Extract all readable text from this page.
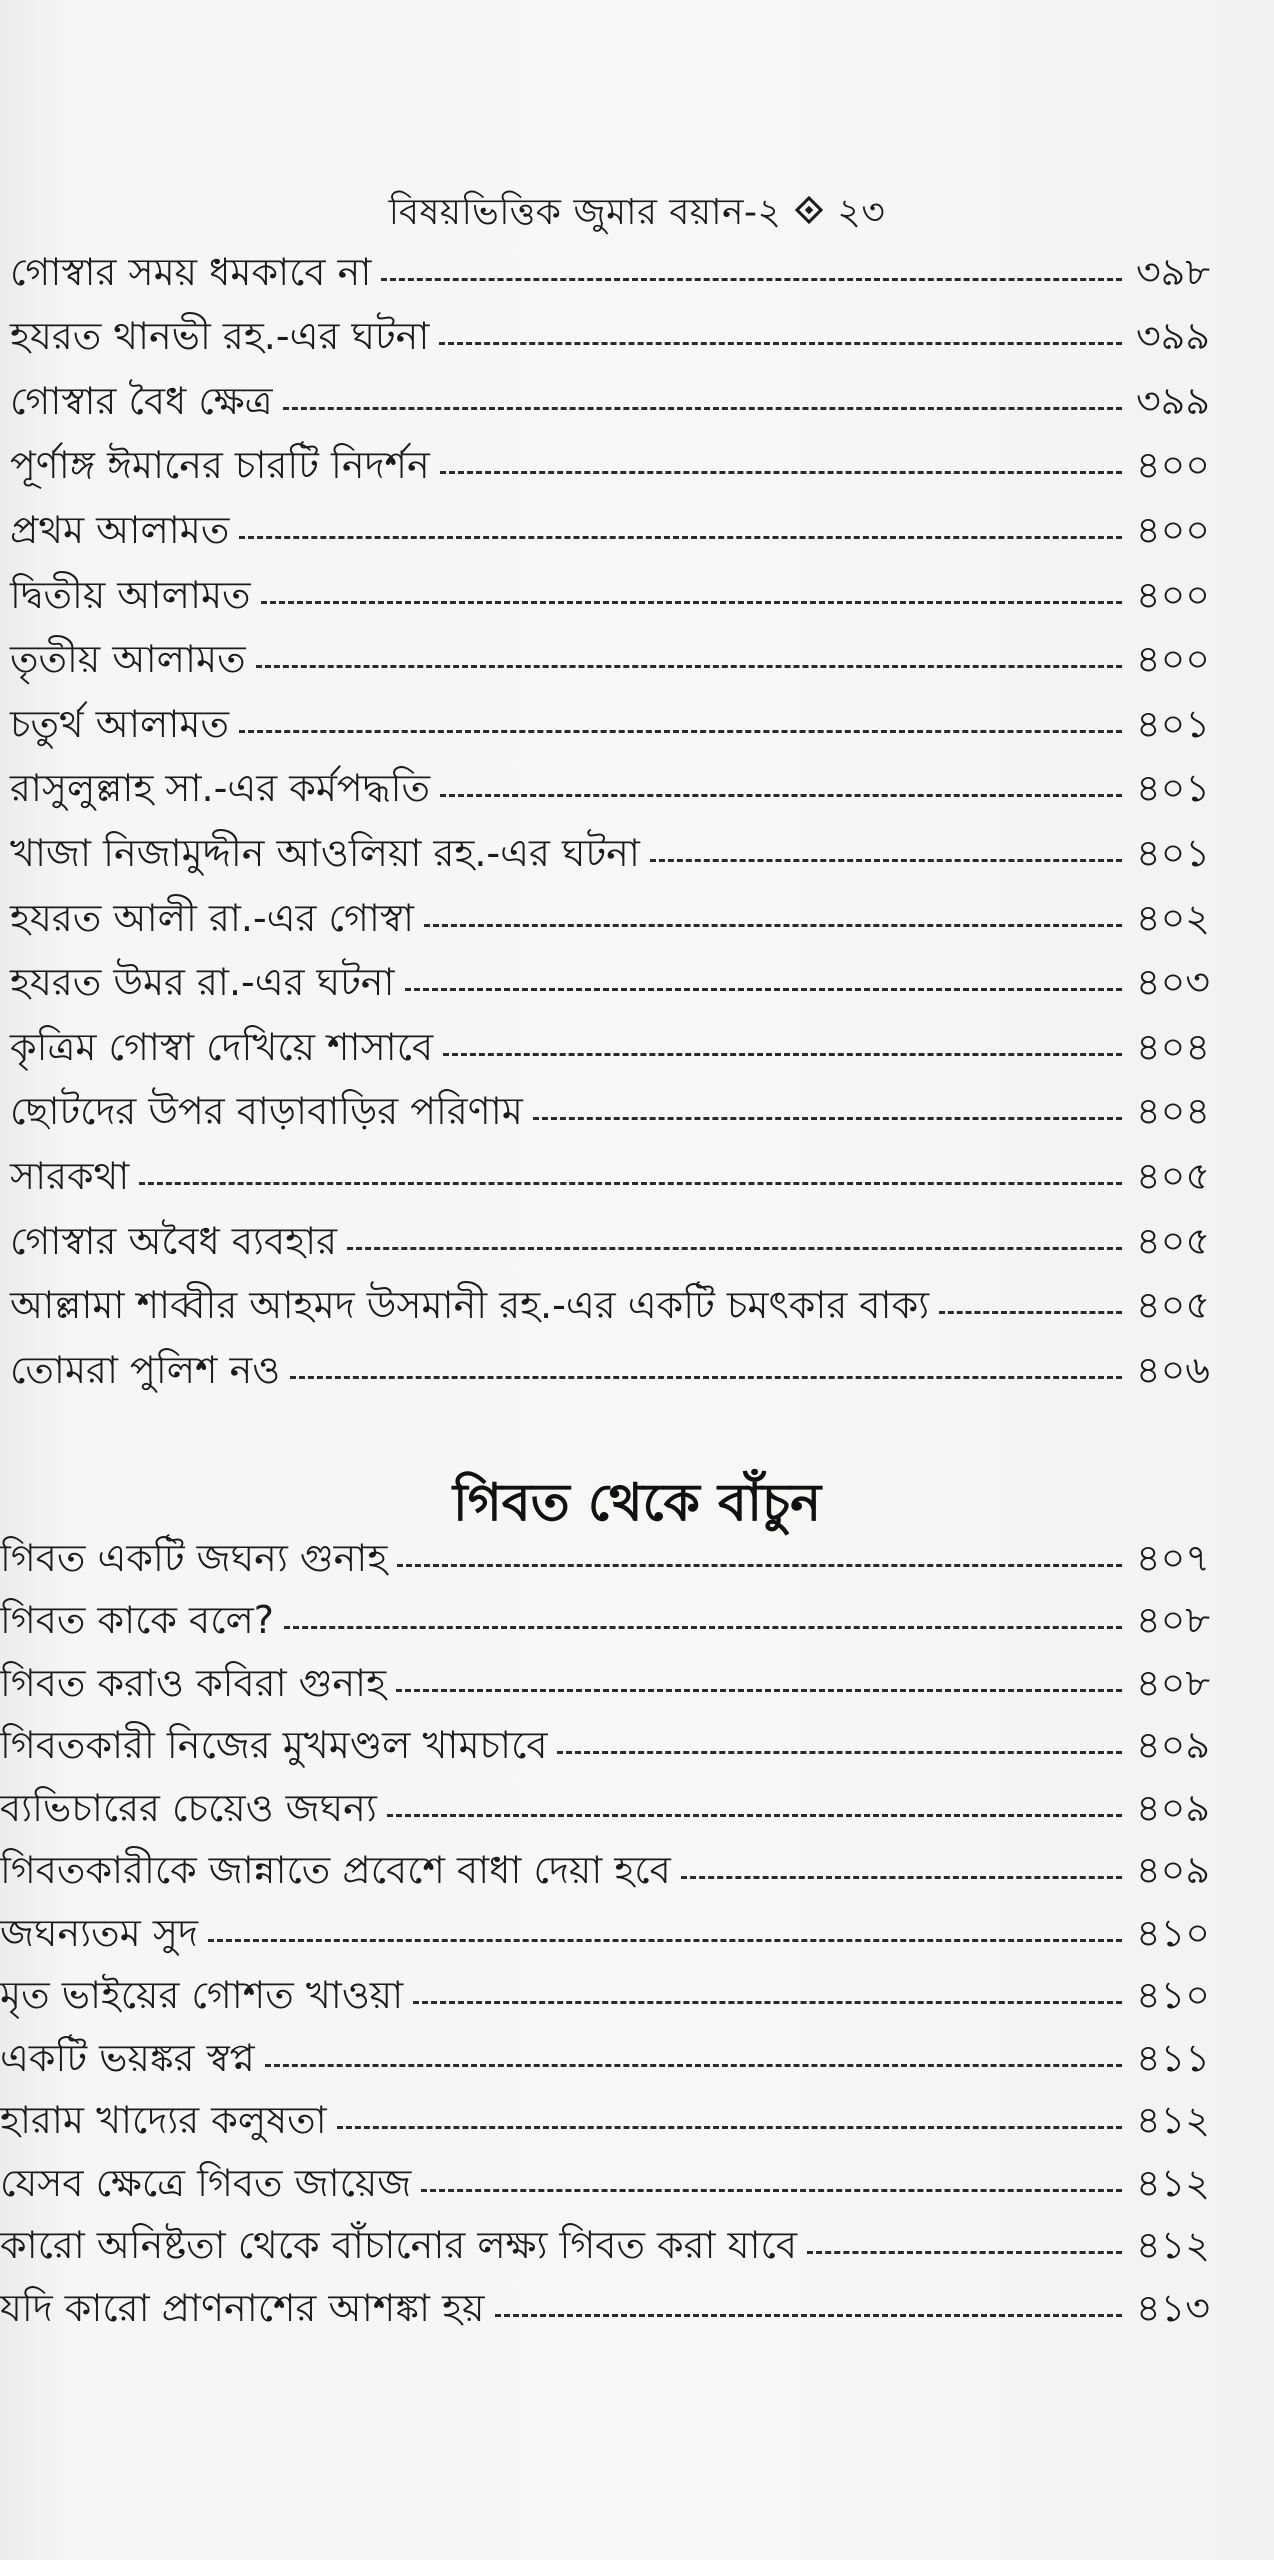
বিষয়ভিত্তিক জুমার বয়ান-২ ২৩
গোস্বার সময় ধমকাবে না	৩৯৮
হযরত থানভী রহ.-এর ঘটনা	৩৯৯
গোস্বার বৈধ ক্ষেত্র	৩৯৯
পূর্ণাঙ্গ ঈমানের চারটি নিদর্শন	৪০০
প্রথম আলামত	৪০০
দ্বিতীয় আলামত	৪০০
তৃতীয় আলামত	৪০০
চতুর্থ আলামত	৪০১
রাসুলুল্লাহ সা.-এর কর্মপদ্ধতি	৪০১
খাজা নিজামুদ্দীন আওলিয়া রহ.-এর ঘটনা	৪০১
হযরত আলী রা.-এর গোস্বা	৪০২
হযরত উমর রা.-এর ঘটনা	৪০৩
কৃত্রিম গোস্বা দেখিয়ে শাসাবে	৪০৪
ছোটদের উপর বাড়াবাড়ির পরিণাম	৪০৪
সারকথা	৪০৫
গোস্বার অবৈধ ব্যবহার	৪০৫
আল্লামা শাব্বীর আহমদ উসমানী রহ.-এর একটি চমৎকার বাক্য	৪০৫
তোমরা পুলিশ নও	৪০৬
গিবত থেকে বাঁচুন
গিবত একটি জঘন্য গুনাহ	৪০৭
গিবত কাকে বলে?	৪০৮
গিবত করাও কবিরা গুনাহ	৪০৮
গিবতকারী নিজের মুখমণ্ডল খামচাবে	৪০৯
ব্যভিচারের চেয়েও জঘন্য	৪০৯
গিবতকারীকে জান্নাতে প্রবেশে বাধা দেয়া হবে	৪০৯
জঘন্যতম সুদ	৪১০
মৃত ভাইয়ের গোশত খাওয়া	৪১০
একটি ভয়ঙ্কর স্বপ্ন	৪১১
হারাম খাদ্যের কলুষতা	৪১২
যেসব ক্ষেত্রে গিবত জায়েজ	৪১২
কারো অনিষ্টতা থেকে বাঁচানোর লক্ষ্য গিবত করা যাবে	৪১২
যদি কারো প্রাণনাশের আশঙ্কা হয়	৪১৩
